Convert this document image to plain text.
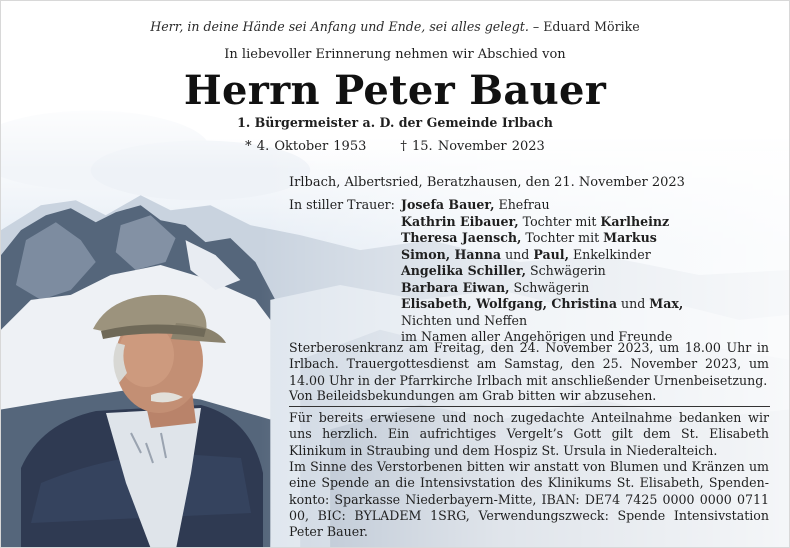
Herr, in deine Hände sei Anfang und Ende, sei alles gelegt. – Eduard Mörike
In liebevoller Erinnerung nehmen wir Abschied von
Herrn Peter Bauer
1. Bürgermeister a. D. der Gemeinde Irlbach
* 4. Oktober 1953	† 15. November 2023
Irlbach, Albertsried, Beratzhausen, den 21. November 2023
In stiller Trauer: Josefa Bauer, Ehefrau
Kathrin Eibauer, Tochter mit Karlheinz
Theresa Jaensch, Tochter mit Markus
Simon, Hanna und Paul, Enkelkinder
Angelika Schiller, Schwägerin
Barbara Eiwan, Schwägerin
Elisabeth, Wolfgang, Christina und Max,
Nichten und Neffen
im Namen aller Angehörigen und Freunde
Sterberosenkranz am Freitag, den 24. November 2023, um 18.00 Uhr in Irlbach. Trauergottesdienst am Samstag, den 25. November 2023, um 14.00 Uhr in der Pfarrkirche Irlbach mit anschließender Urnenbeisetzung.
Von Beileidsbekundungen am Grab bitten wir abzusehen.
Für bereits erwiesene und noch zugedachte Anteilnahme bedanken wir uns herzlich. Ein aufrichtiges Vergelt’s Gott gilt dem St. Elisabeth Klinikum in Straubing und dem Hospiz St. Ursula in Niederalteich.
Im Sinne des Verstorbenen bitten wir anstatt von Blumen und Kränzen um eine Spende an die Intensivstation des Klinikums St. Elisabeth, Spendenkonto: Sparkasse Niederbayern-Mitte, IBAN: DE74 7425 0000 0000 0711 00, BIC: BYLADEM 1SRG, Verwendungszweck: Spende Intensivstation Peter Bauer.
